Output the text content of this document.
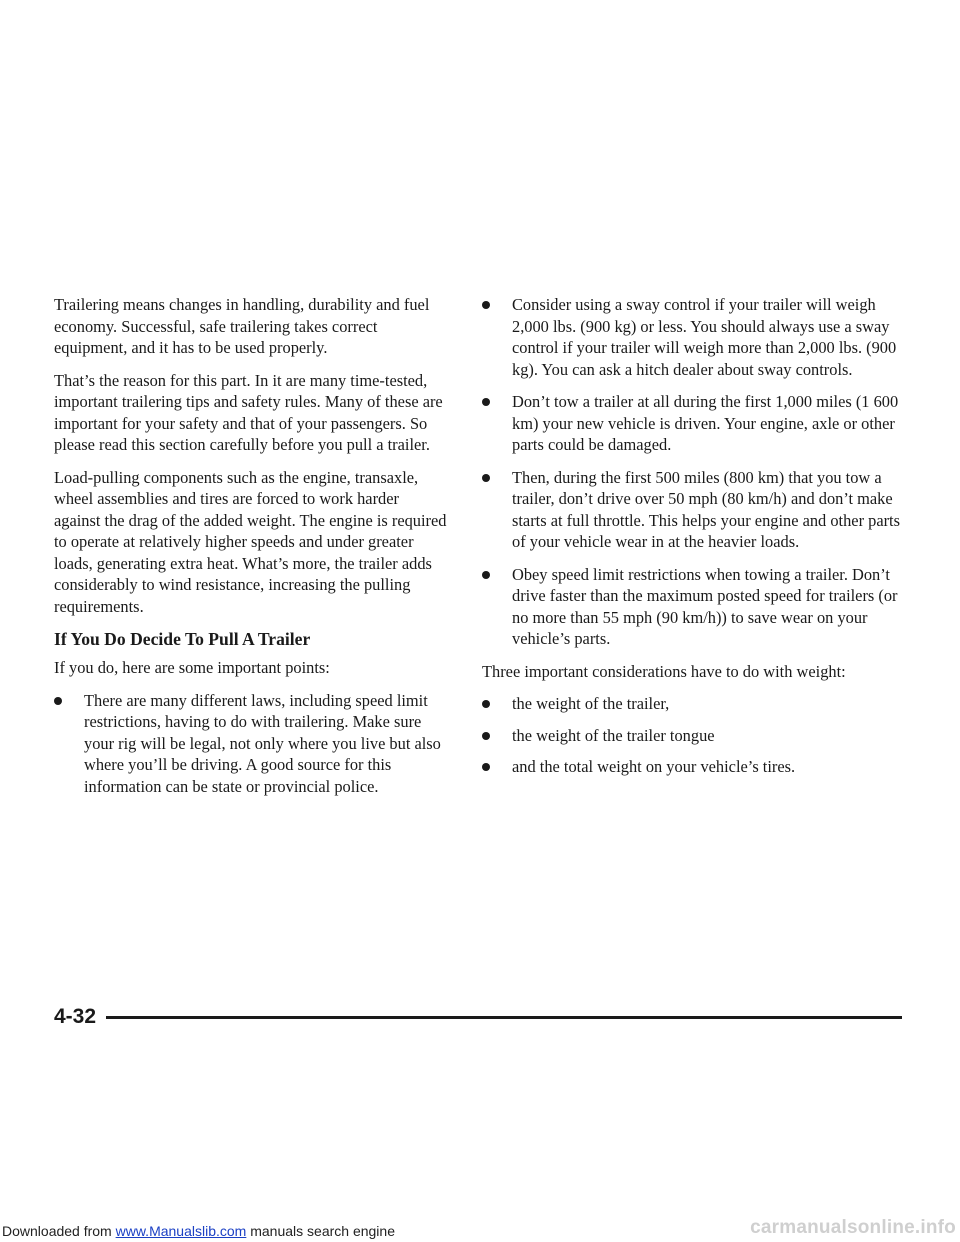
Trailering means changes in handling, durability and fuel economy. Successful, safe trailering takes correct equipment, and it has to be used properly.

That’s the reason for this part. In it are many time-tested, important trailering tips and safety rules. Many of these are important for your safety and that of your passengers. So please read this section carefully before you pull a trailer.

Load-pulling components such as the engine, transaxle, wheel assemblies and tires are forced to work harder against the drag of the added weight. The engine is required to operate at relatively higher speeds and under greater loads, generating extra heat. What’s more, the trailer adds considerably to wind resistance, increasing the pulling requirements.

If You Do Decide To Pull A Trailer

If you do, here are some important points:

There are many different laws, including speed limit restrictions, having to do with trailering. Make sure your rig will be legal, not only where you live but also where you’ll be driving. A good source for this information can be state or provincial police.
Consider using a sway control if your trailer will weigh 2,000 lbs. (900 kg) or less. You should always use a sway control if your trailer will weigh more than 2,000 lbs. (900 kg). You can ask a hitch dealer about sway controls.
Don’t tow a trailer at all during the first 1,000 miles (1 600 km) your new vehicle is driven. Your engine, axle or other parts could be damaged.
Then, during the first 500 miles (800 km) that you tow a trailer, don’t drive over 50 mph (80 km/h) and don’t make starts at full throttle. This helps your engine and other parts of your vehicle wear in at the heavier loads.
Obey speed limit restrictions when towing a trailer. Don’t drive faster than the maximum posted speed for trailers (or no more than 55 mph (90 km/h)) to save wear on your vehicle’s parts.

Three important considerations have to do with weight:

the weight of the trailer,
the weight of the trailer tongue
and the total weight on your vehicle’s tires.
4-32
Downloaded from www.Manualslib.com manuals search engine	carmanualsonline.info
